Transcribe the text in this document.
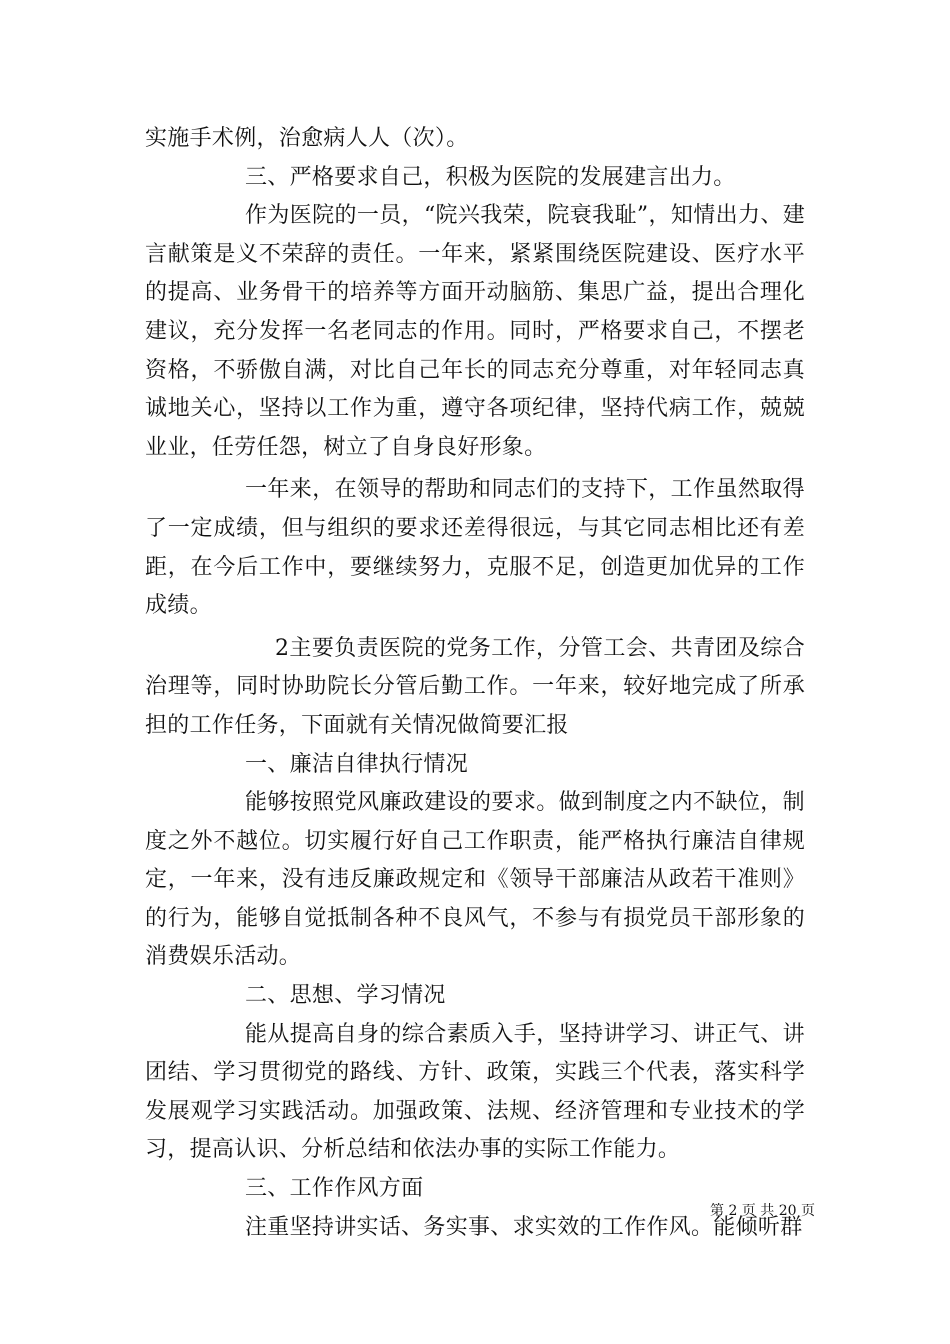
实施手术例，治愈病人人（次）。

三、严格要求自己，积极为医院的发展建言出力。

作为医院的一员，“院兴我荣，院衰我耻”，知情出力、建言献策是义不荣辞的责任。一年来，紧紧围绕医院建设、医疗水平的提高、业务骨干的培养等方面开动脑筋、集思广益，提出合理化建议，充分发挥一名老同志的作用。同时，严格要求自己，不摆老资格，不骄傲自满，对比自己年长的同志充分尊重，对年轻同志真诚地关心，坚持以工作为重，遵守各项纪律，坚持代病工作，兢兢业业，任劳任怨，树立了自身良好形象。

一年来，在领导的帮助和同志们的支持下，工作虽然取得了一定成绩，但与组织的要求还差得很远，与其它同志相比还有差距，在今后工作中，要继续努力，克服不足，创造更加优异的工作成绩。

2主要负责医院的党务工作，分管工会、共青团及综合治理等，同时协助院长分管后勤工作。一年来，较好地完成了所承担的工作任务，下面就有关情况做简要汇报

一、廉洁自律执行情况

能够按照党风廉政建设的要求。做到制度之内不缺位，制度之外不越位。切实履行好自己工作职责，能严格执行廉洁自律规定，一年来，没有违反廉政规定和《领导干部廉洁从政若干准则》的行为，能够自觉抵制各种不良风气，不参与有损党员干部形象的消费娱乐活动。

二、思想、学习情况

能从提高自身的综合素质入手，坚持讲学习、讲正气、讲团结、学习贯彻党的路线、方针、政策，实践三个代表，落实科学发展观学习实践活动。加强政策、法规、经济管理和专业技术的学习，提高认识、分析总结和依法办事的实际工作能力。

三、工作作风方面

注重坚持讲实话、务实事、求实效的工作作风。能倾听群

第 2 页 共 20 页
